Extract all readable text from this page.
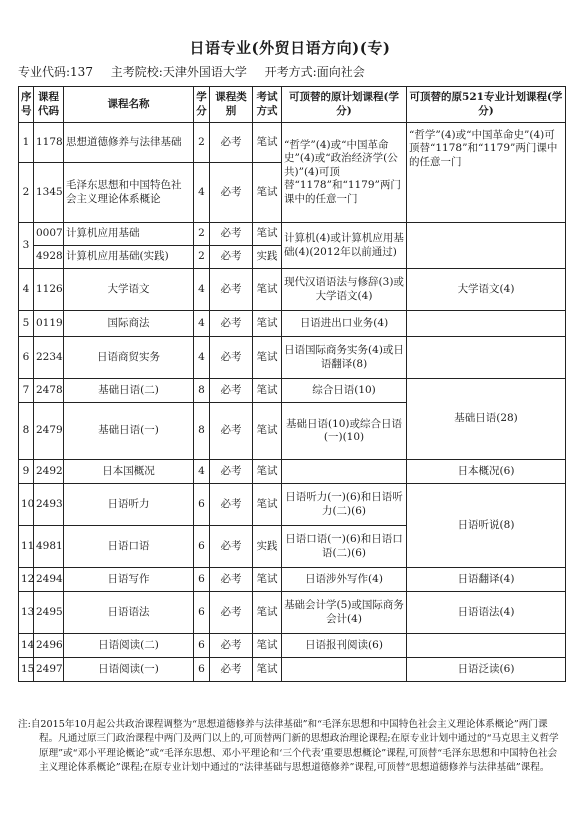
日语专业(外贸日语方向)(专)
专业代码:137 主考院校:天津外国语大学 开考方式:面向社会
序号	课程代码	课程名称	学分	课程类别	考试方式	可顶替的原计划课程(学分)	可顶替的原521专业计划课程(学分)
1	1178	思想道德修养与法律基础	2	必考	笔试	“哲学”(4)或“中国革命史”(4)或“政治经济学(公共)”(4)可顶替“1178”和“1179”两门课中的任意一门	“哲学”(4)或“中国革命史”(4)可顶替“1178”和“1179”两门课中的任意一门
2	1345	毛泽东思想和中国特色社会主义理论体系概论	4	必考	笔试		
3	0007	计算机应用基础	2	必考	笔试	计算机(4)或计算机应用基础(4)(2012年以前通过)	
	4928	计算机应用基础(实践)	2	必考	实践		
4	1126	大学语文	4	必考	笔试	现代汉语语法与修辞(3)或大学语文(4)	大学语文(4)
5	0119	国际商法	4	必考	笔试	日语进出口业务(4)	
6	2234	日语商贸实务	4	必考	笔试	日语国际商务实务(4)或日语翻译(8)	
7	2478	基础日语(二)	8	必考	笔试	综合日语(10)	基础日语(28)
8	2479	基础日语(一)	8	必考	笔试	基础日语(10)或综合日语(一)(10)	
9	2492	日本国概况	4	必考	笔试		日本概况(6)
10	2493	日语听力	6	必考	笔试	日语听力(一)(6)和日语听力(二)(6)	日语听说(8)
11	4981	日语口语	6	必考	实践	日语口语(一)(6)和日语口语(二)(6)	
12	2494	日语写作	6	必考	笔试	日语涉外写作(4)	日语翻译(4)
13	2495	日语语法	6	必考	笔试	基础会计学(5)或国际商务会计(4)	日语语法(4)
14	2496	日语阅读(二)	6	必考	笔试	日语报刊阅读(6)	
15	2497	日语阅读(一)	6	必考	笔试		日语泛读(6)
注:自2015年10月起公共政治课程调整为“思想道德修养与法律基础”和“毛泽东思想和中国特色社会主义理论体系概论”两门课程。凡通过原三门政治课程中两门及两门以上的,可顶替两门新的思想政治理论课程;在原专业计划中通过的“马克思主义哲学原理”或“邓小平理论概论”或“毛泽东思想、邓小平理论和‘三个代表’重要思想概论”课程,可顶替“毛泽东思想和中国特色社会主义理论体系概论”课程;在原专业计划中通过的“法律基础与思想道德修养”课程,可顶替“思想道德修养与法律基础”课程。
